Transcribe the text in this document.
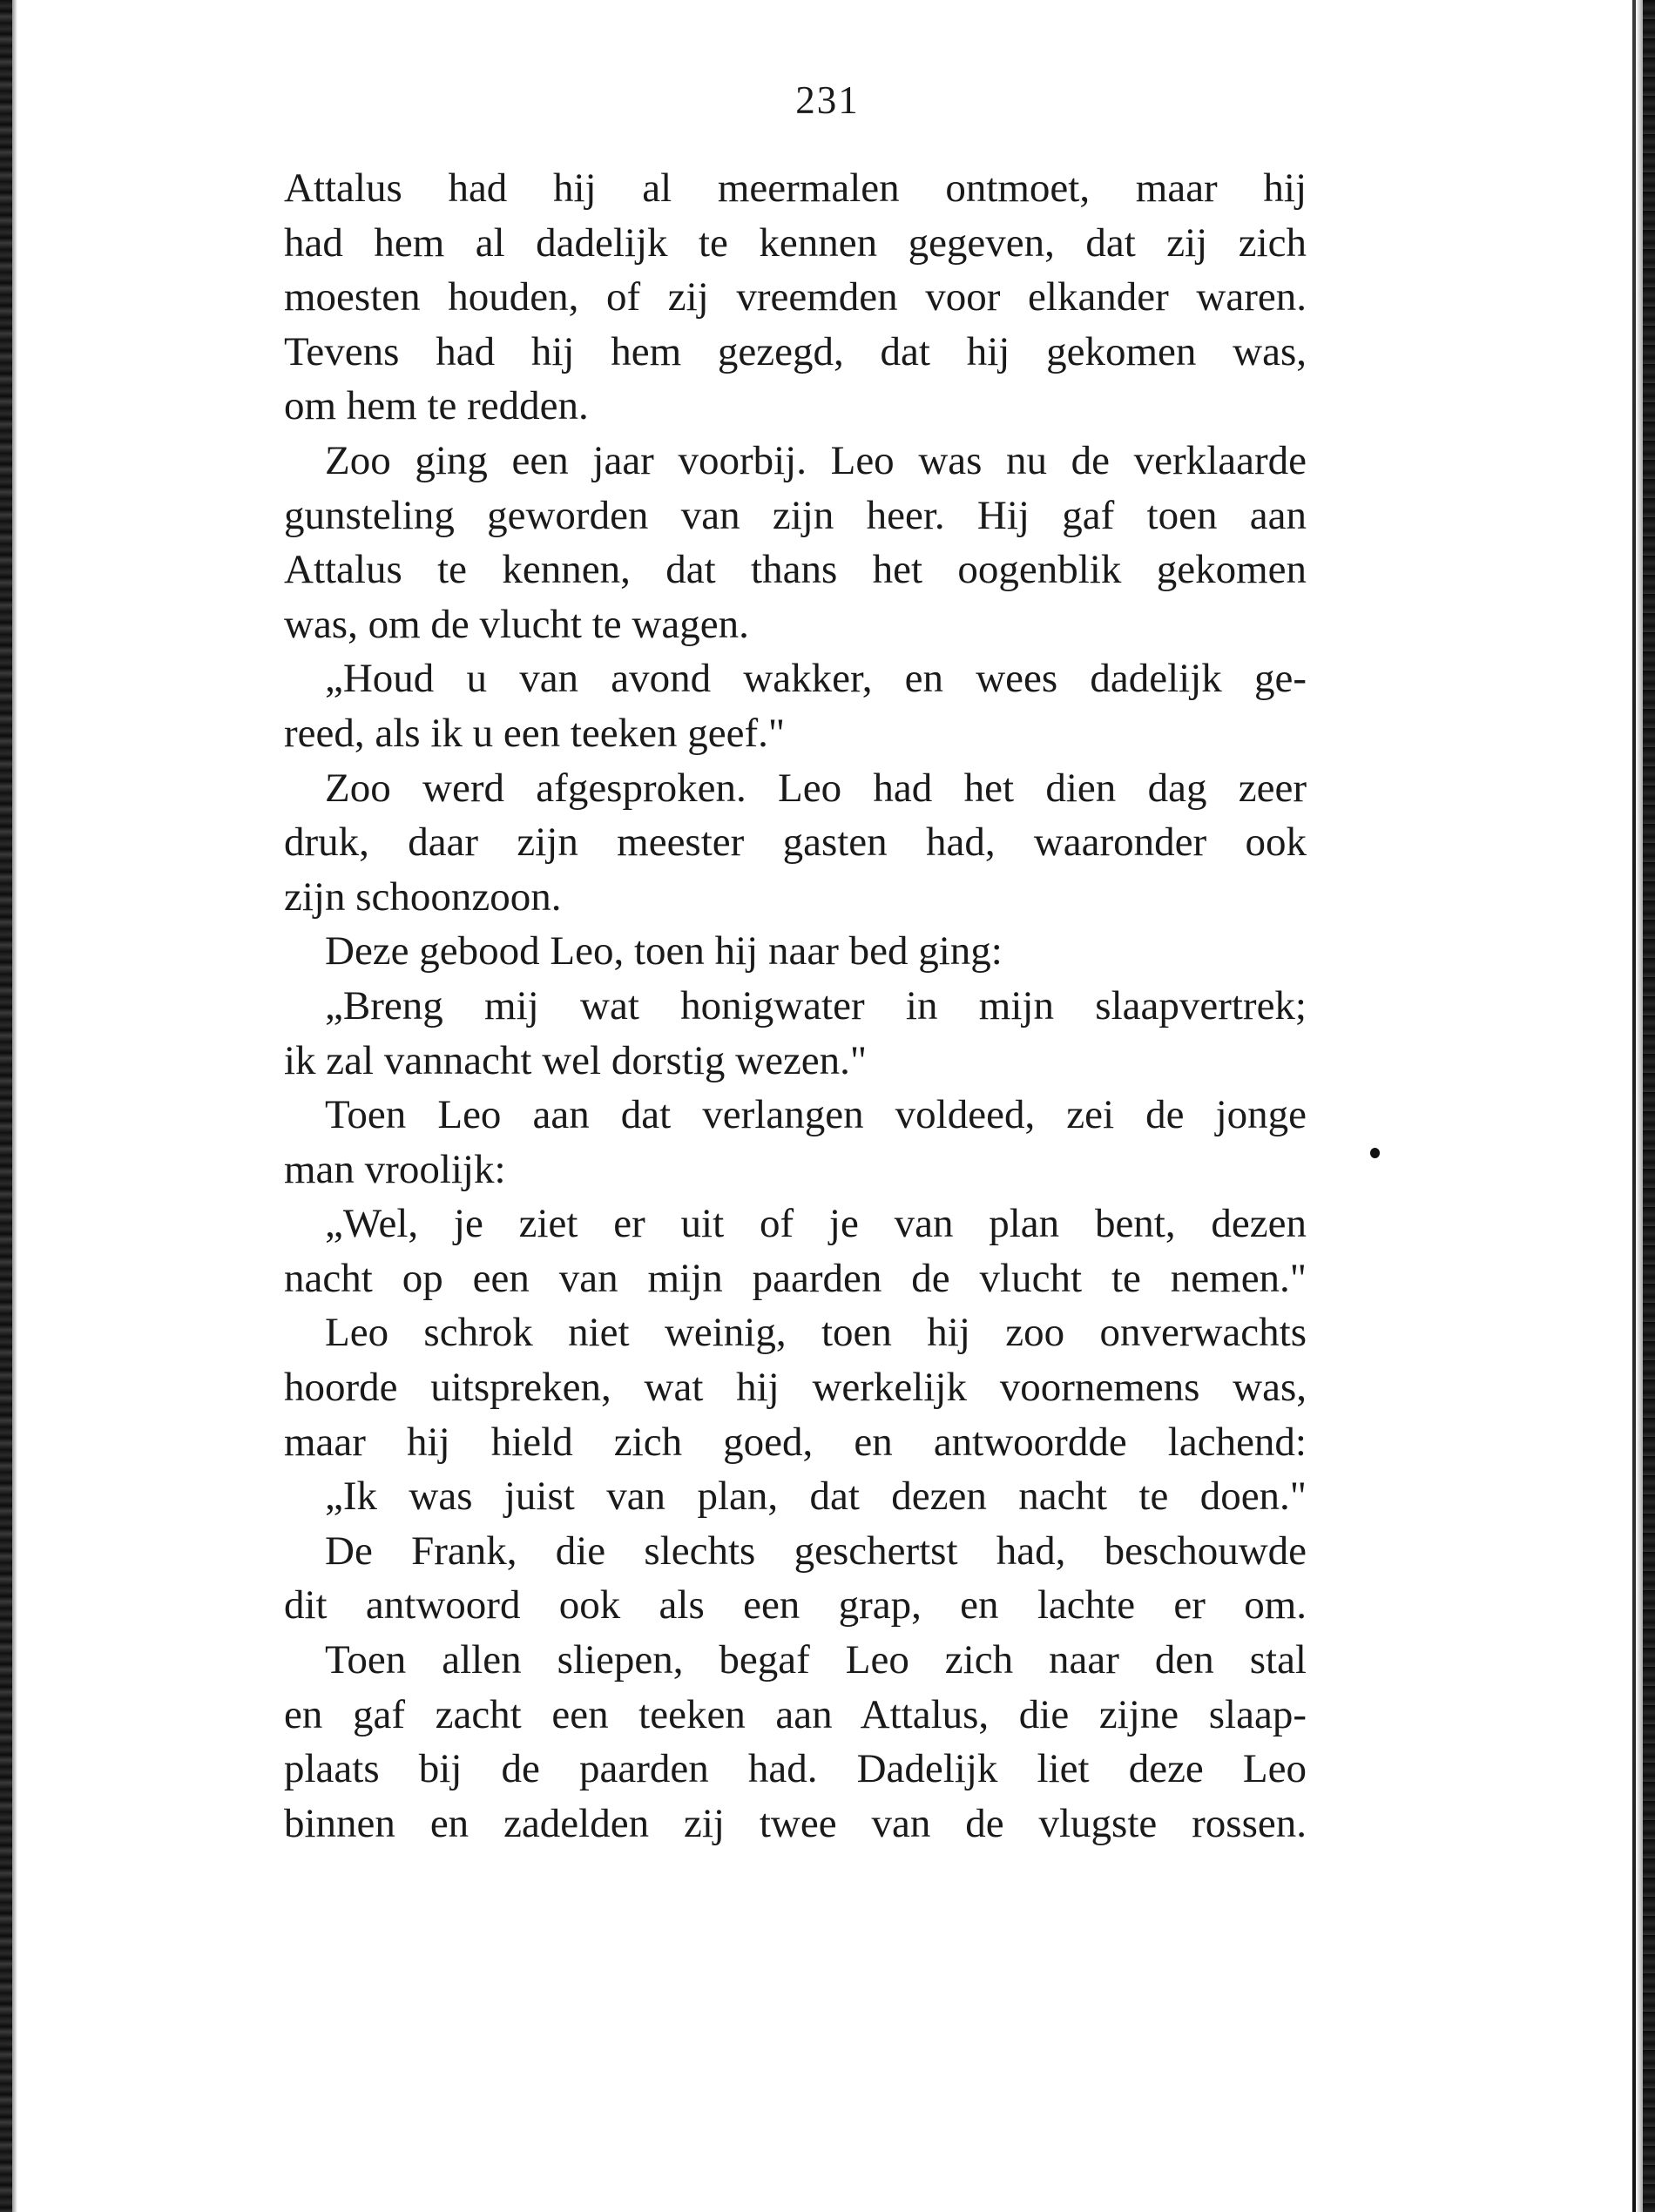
231
Attalus had hij al meermalen ontmoet, maar hij
had hem al dadelijk te kennen gegeven, dat zij zich
moesten houden, of zij vreemden voor elkander waren.
Tevens had hij hem gezegd, dat hij gekomen was,
om hem te redden.
Zoo ging een jaar voorbij. Leo was nu de verklaarde
gunsteling geworden van zijn heer. Hij gaf toen aan
Attalus te kennen, dat thans het oogenblik gekomen
was, om de vlucht te wagen.
„Houd u van avond wakker, en wees dadelijk ge-
reed, als ik u een teeken geef."
Zoo werd afgesproken. Leo had het dien dag zeer
druk, daar zijn meester gasten had, waaronder ook
zijn schoonzoon.
Deze gebood Leo, toen hij naar bed ging:
„Breng mij wat honigwater in mijn slaapvertrek;
ik zal vannacht wel dorstig wezen."
Toen Leo aan dat verlangen voldeed, zei de jonge
man vroolijk:
„Wel, je ziet er uit of je van plan bent, dezen
nacht op een van mijn paarden de vlucht te nemen."
Leo schrok niet weinig, toen hij zoo onverwachts
hoorde uitspreken, wat hij werkelijk voornemens was,
maar hij hield zich goed, en antwoordde lachend:
„Ik was juist van plan, dat dezen nacht te doen."
De Frank, die slechts geschertst had, beschouwde
dit antwoord ook als een grap, en lachte er om.
Toen allen sliepen, begaf Leo zich naar den stal
en gaf zacht een teeken aan Attalus, die zijne slaap-
plaats bij de paarden had. Dadelijk liet deze Leo
binnen en zadelden zij twee van de vlugste rossen.
